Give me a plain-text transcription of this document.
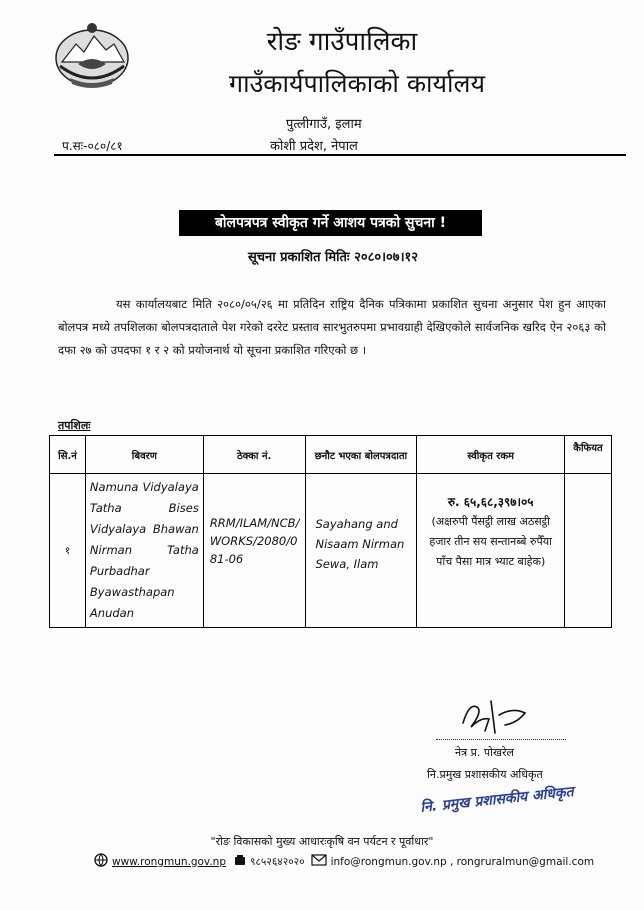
रोङ गाउँपालिका
गाउँकार्यपालिकाको कार्यालय
पुत्लीगाउँ, इलाम
कोशी प्रदेश, नेपाल
प.सः-०८०/८१
बोलपत्रपत्र स्वीकृत गर्ने आशय पत्रको सुचना !
सूचना प्रकाशित मितिः २०८०।०७।१२

यस कार्यालयबाट मिति २०८०/०५/२६ मा प्रतिदिन राष्ट्रिय दैनिक पत्रिकामा प्रकाशित सुचना अनुसार पेश हुन आएका बोलपत्र मध्ये तपशिलका बोलपत्रदाताले पेश गरेको दररेट प्रस्ताव सारभुतरुपमा प्रभावग्राही देखिएकोले सार्वजनिक खरिद ऐन २०६३ को दफा २७ को उपदफा १ र २ को प्रयोजनार्थ यो सूचना प्रकाशित गरिएको छ ।

तपशिलः
सि.नं	बिवरण	ठेक्का नं.	छनौट भएका बोलपत्रदाता	स्वीकृत रकम	कैफियत
१	Namuna Vidyalaya Tatha Bises Vidyalaya Bhawan Nirman Tatha Purbadhar Byawasthapan Anudan	RRM/ILAM/NCB/WORKS/2080/081-06	Sayahang and Nisaam Nirman Sewa, Ilam	रु. ६५,६८,३९७।०५
(अक्षरुपी पैंसट्ठी लाख अठसट्ठी हजार तीन सय सन्तानब्बे रुपैँया पाँच पैसा मात्र भ्याट बाहेक)	

नेत्र प्र. पोखरेल
नि.प्रमुख प्रशासकीय अधिकृत
नि. प्रमुख प्रशासकीय अधिकृत
"रोङ विकासको मुख्य आधारःकृषि वन पर्यटन र पूर्वाधार"
www.rongmun.gov.np ९८५२६४२०२० info@rongmun.gov.np , rongruralmun@gmail.com
